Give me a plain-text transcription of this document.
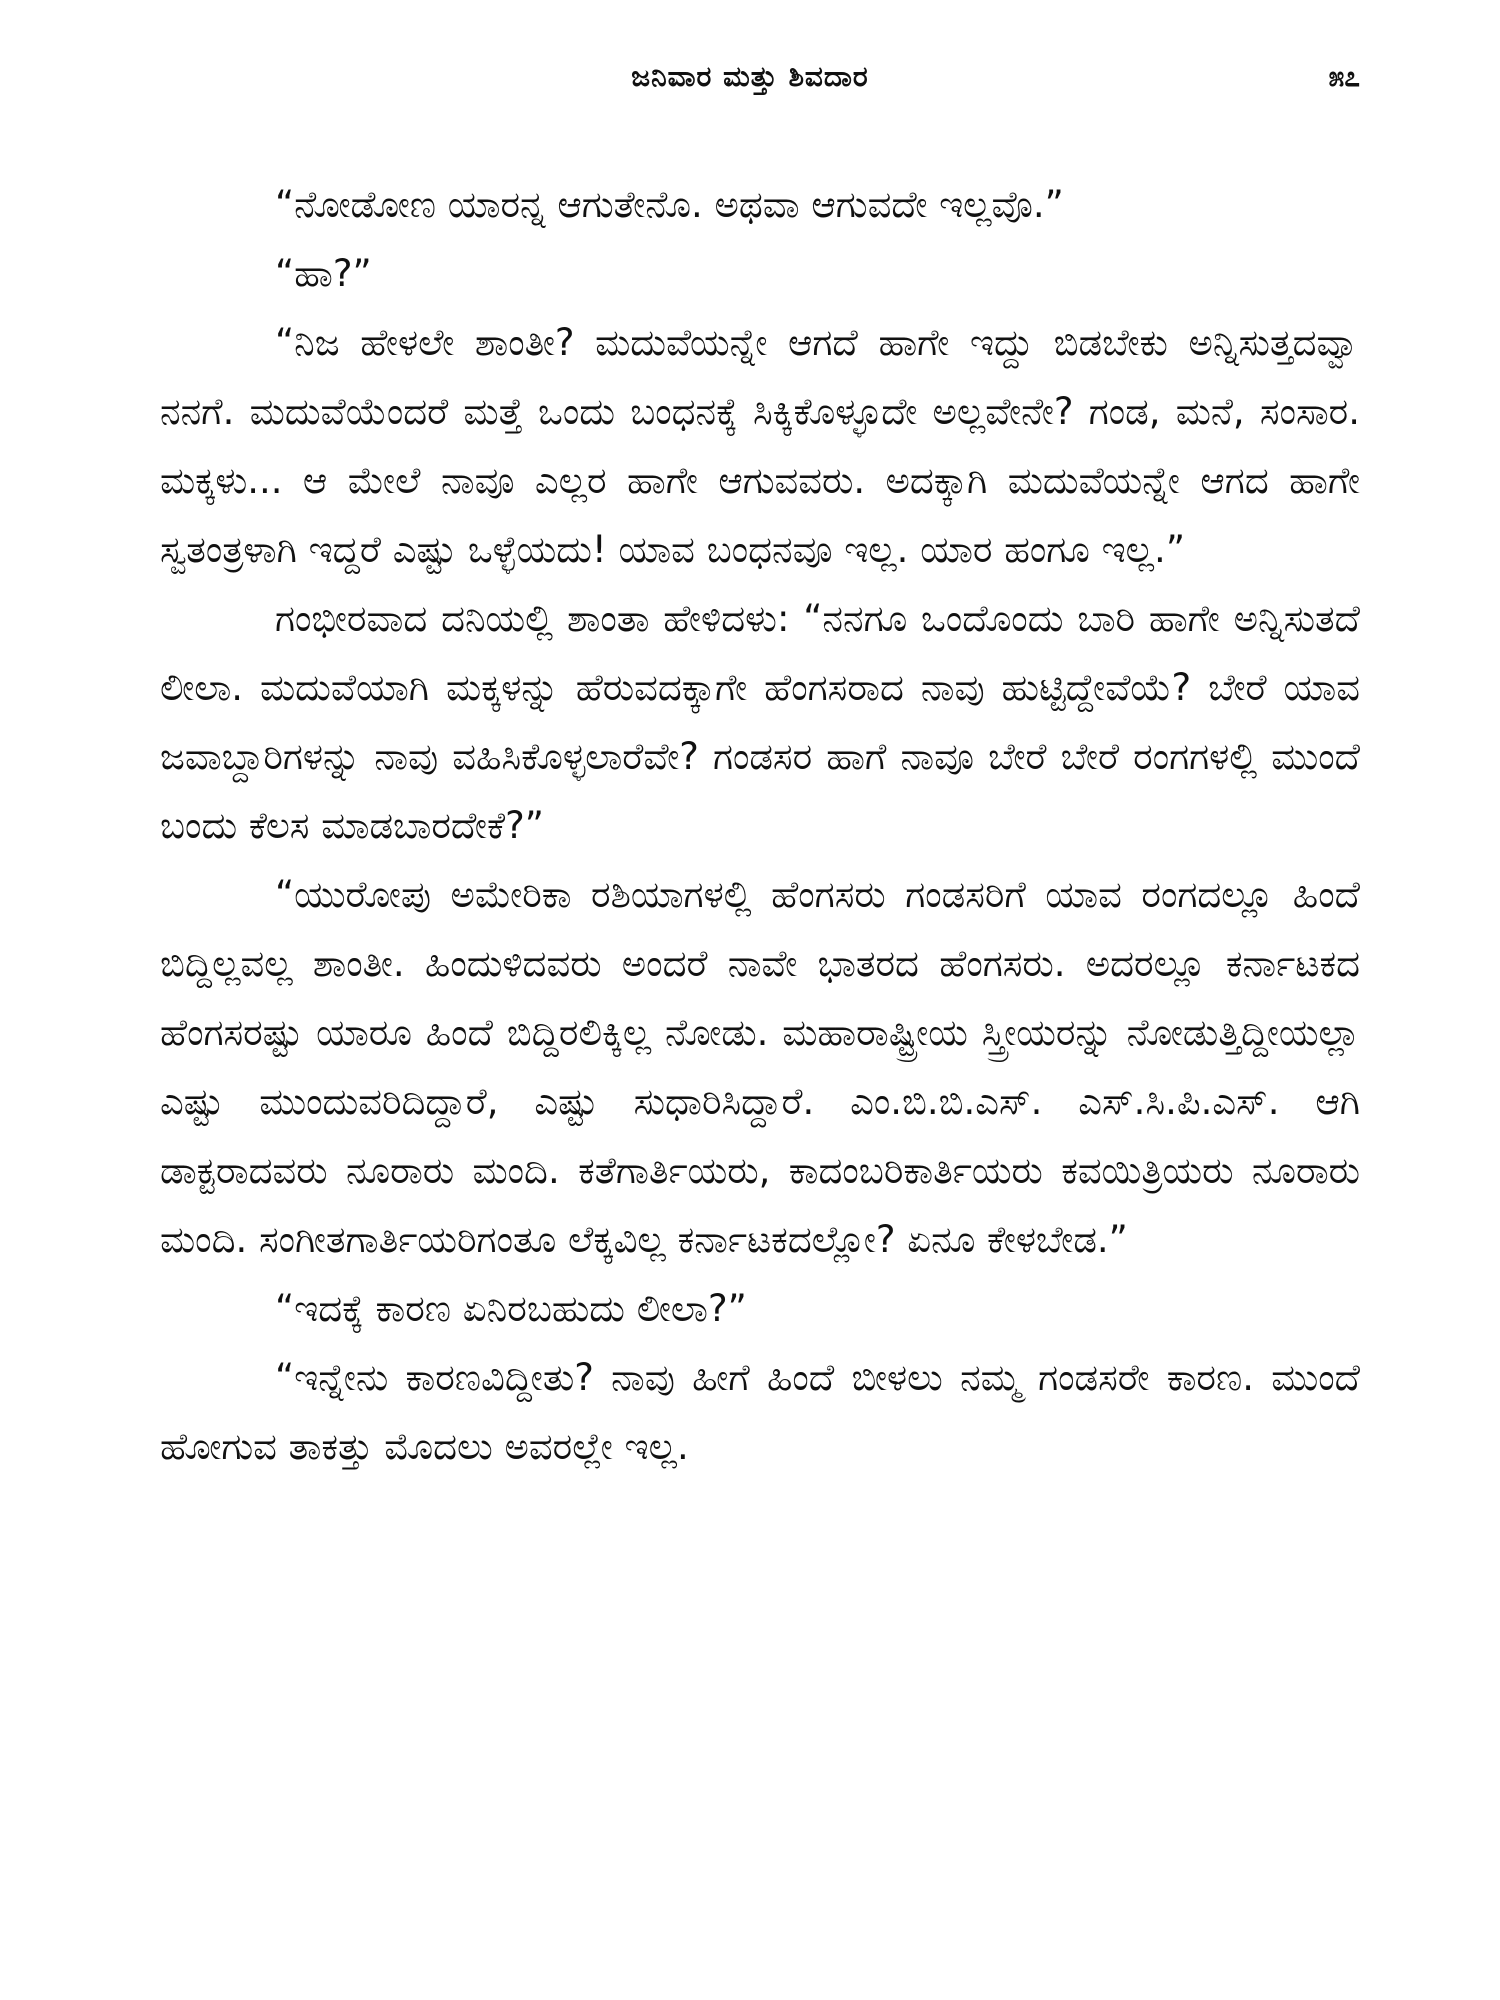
ಜನಿವಾರ ಮತ್ತು ಶಿವದಾರ	೫೭

“ನೋಡೋಣ ಯಾರನ್ನ ಆಗುತೇನೊ. ಅಥವಾ ಆಗುವದೇ ಇಲ್ಲವೊ.”

“ಹಾ?”

“ನಿಜ ಹೇಳಲೇ ಶಾಂತೀ? ಮದುವೆಯನ್ನೇ ಆಗದೆ ಹಾಗೇ ಇದ್ದು ಬಿಡಬೇಕು ಅನ್ನಿಸುತ್ತದವ್ವಾ ನನಗೆ. ಮದುವೆಯೆಂದರೆ ಮತ್ತೆ ಒಂದು ಬಂಧನಕ್ಕೆ ಸಿಕ್ಕಿಕೊಳ್ಳೂದೇ ಅಲ್ಲವೇನೇ? ಗಂಡ, ಮನೆ, ಸಂಸಾರ. ಮಕ್ಕಳು... ಆ ಮೇಲೆ ನಾವೂ ಎಲ್ಲರ ಹಾಗೇ ಆಗುವವರು. ಅದಕ್ಕಾಗಿ ಮದುವೆಯನ್ನೇ ಆಗದ ಹಾಗೇ ಸ್ವತಂತ್ರಳಾಗಿ ಇದ್ದರೆ ಎಷ್ಟು ಒಳ್ಳೆಯದು! ಯಾವ ಬಂಧನವೂ ಇಲ್ಲ. ಯಾರ ಹಂಗೂ ಇಲ್ಲ.”

ಗಂಭೀರವಾದ ದನಿಯಲ್ಲಿ ಶಾಂತಾ ಹೇಳಿದಳು: “ನನಗೂ ಒಂದೊಂದು ಬಾರಿ ಹಾಗೇ ಅನ್ನಿಸುತದೆ ಲೀಲಾ. ಮದುವೆಯಾಗಿ ಮಕ್ಕಳನ್ನು ಹೆರುವದಕ್ಕಾಗೇ ಹೆಂಗಸರಾದ ನಾವು ಹುಟ್ಟಿದ್ದೇವೆಯೆ? ಬೇರೆ ಯಾವ ಜವಾಬ್ದಾರಿಗಳನ್ನು ನಾವು ವಹಿಸಿಕೊಳ್ಳಲಾರೆವೇ? ಗಂಡಸರ ಹಾಗೆ ನಾವೂ ಬೇರೆ ಬೇರೆ ರಂಗಗಳಲ್ಲಿ ಮುಂದೆ ಬಂದು ಕೆಲಸ ಮಾಡಬಾರದೇಕೆ?”

“ಯುರೋಪು ಅಮೇರಿಕಾ ರಶಿಯಾಗಳಲ್ಲಿ ಹೆಂಗಸರು ಗಂಡಸರಿಗೆ ಯಾವ ರಂಗದಲ್ಲೂ ಹಿಂದೆ ಬಿದ್ದಿಲ್ಲವಲ್ಲ ಶಾಂತೀ. ಹಿಂದುಳಿದವರು ಅಂದರೆ ನಾವೇ ಭಾತರದ ಹೆಂಗಸರು. ಅದರಲ್ಲೂ ಕರ್ನಾಟಕದ ಹೆಂಗಸರಷ್ಟು ಯಾರೂ ಹಿಂದೆ ಬಿದ್ದಿರಲಿಕ್ಕಿಲ್ಲ ನೋಡು. ಮಹಾರಾಷ್ಟ್ರೀಯ ಸ್ತ್ರೀಯರನ್ನು ನೋಡುತ್ತಿದ್ದೀಯಲ್ಲಾ ಎಷ್ಟು ಮುಂದುವರಿದಿದ್ದಾರೆ, ಎಷ್ಟು ಸುಧಾರಿಸಿದ್ದಾರೆ. ಎಂ.ಬಿ.ಬಿ.ಎಸ್. ಎಸ್.ಸಿ.ಪಿ.ಎಸ್. ಆಗಿ ಡಾಕ್ಟರಾದವರು ನೂರಾರು ಮಂದಿ. ಕತೆಗಾರ್ತಿಯರು, ಕಾದಂಬರಿಕಾರ್ತಿಯರು ಕವಯಿತ್ರಿಯರು ನೂರಾರು ಮಂದಿ. ಸಂಗೀತಗಾರ್ತಿಯರಿಗಂತೂ ಲೆಕ್ಕವಿಲ್ಲ ಕರ್ನಾಟಕದಲ್ಲೋ? ಏನೂ ಕೇಳಬೇಡ.”

“ಇದಕ್ಕೆ ಕಾರಣ ಏನಿರಬಹುದು ಲೀಲಾ?”

“ಇನ್ನೇನು ಕಾರಣವಿದ್ದೀತು? ನಾವು ಹೀಗೆ ಹಿಂದೆ ಬೀಳಲು ನಮ್ಮ ಗಂಡಸರೇ ಕಾರಣ. ಮುಂದೆ ಹೋಗುವ ತಾಕತ್ತು ಮೊದಲು ಅವರಲ್ಲೇ ಇಲ್ಲ.
